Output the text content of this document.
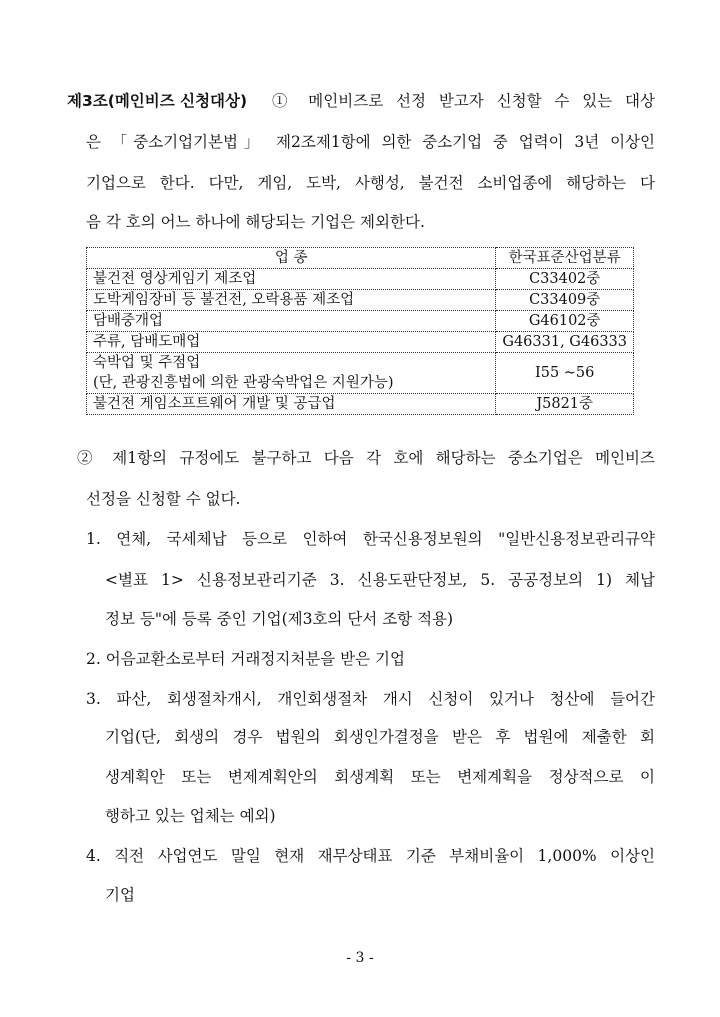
제3조(메인비즈 신청대상) ① 메인비즈로 선정 받고자 신청할 수 있는 대상
은 「중소기업기본법」 제2조제1항에 의한 중소기업 중 업력이 3년 이상인
기업으로 한다. 다만, 게임, 도박, 사행성, 불건전 소비업종에 해당하는 다
음 각 호의 어느 하나에 해당되는 기업은 제외한다.
업 종	한국표준산업분류
불건전 영상게임기 제조업	C33402중
도박게임장비 등 불건전, 오락용품 제조업	C33409중
담배중개업	G46102중
주류, 담배도매업	G46331, G46333

숙박업 및 주점업
(단, 관광진흥법에 의한 관광숙박업은 지원가능)	I55 ~56
불건전 게임소프트웨어 개발 및 공급업	J5821중
② 제1항의 규정에도 불구하고 다음 각 호에 해당하는 중소기업은 메인비즈
선정을 신청할 수 없다.
1. 연체, 국세체납 등으로 인하여 한국신용정보원의 "일반신용정보관리규약
<별표 1> 신용정보관리기준 3. 신용도판단정보, 5. 공공정보의 1) 체납
정보 등"에 등록 중인 기업(제3호의 단서 조항 적용)
2. 어음교환소로부터 거래정지처분을 받은 기업
3. 파산, 회생절차개시, 개인회생절차 개시 신청이 있거나 청산에 들어간
기업(단, 회생의 경우 법원의 회생인가결정을 받은 후 법원에 제출한 회
생계획안 또는 변제계획안의 회생계획 또는 변제계획을 정상적으로 이
행하고 있는 업체는 예외)
4. 직전 사업연도 말일 현재 재무상태표 기준 부채비율이 1,000% 이상인
기업
- 3 -
